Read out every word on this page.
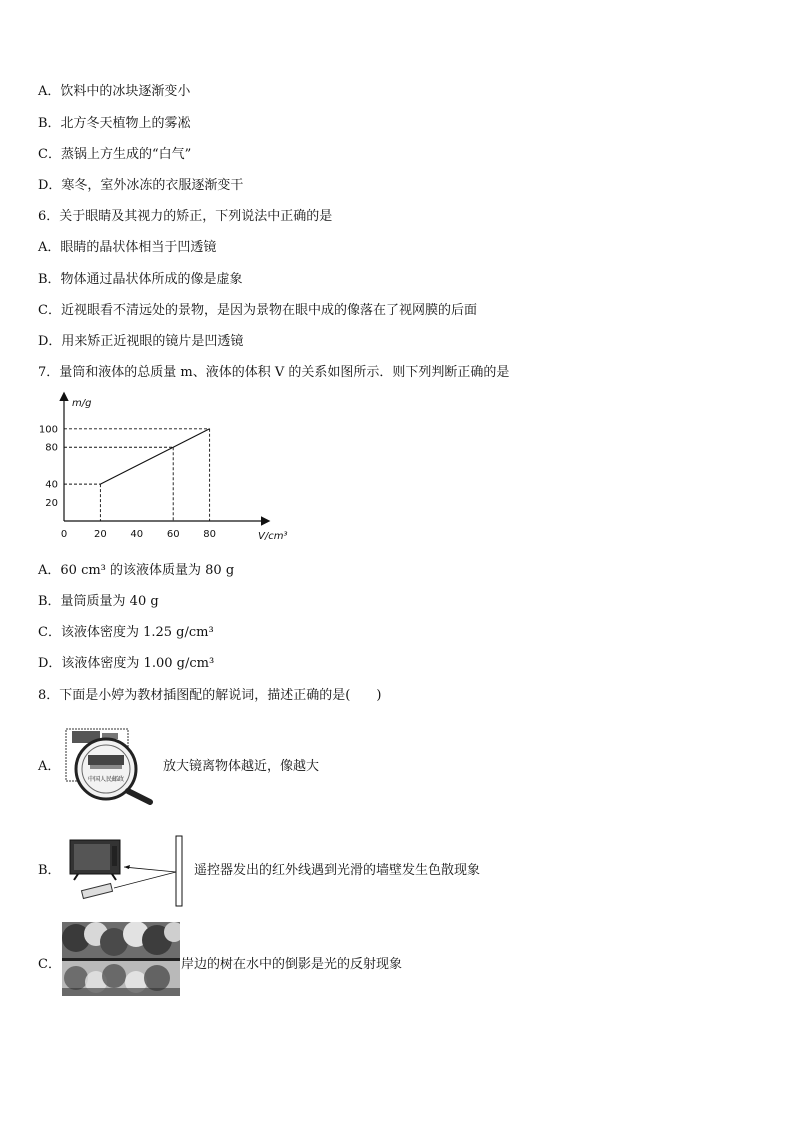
A．饮料中的冰块逐渐变小
B．北方冬天植物上的雾凇
C．蒸锅上方生成的“白气”
D．寒冬，室外冰冻的衣服逐渐变干
6．关于眼睛及其视力的矫正，下列说法中正确的是
A．眼睛的晶状体相当于凹透镜
B．物体通过晶状体所成的像是虚象
C．近视眼看不清远处的景物，是因为景物在眼中成的像落在了视网膜的后面
D．用来矫正近视眼的镜片是凹透镜
7．量筒和液体的总质量 m、液体的体积 V 的关系如图所示．则下列判断正确的是
0	20 40 60 80
20
40
80
100
m/g
V/cm³
A．60 cm³ 的该液体质量为 80 g
B．量筒质量为 40 g
C．该液体密度为 1.25 g/cm³
D．该液体密度为 1.00 g/cm³
8．下面是小婷为教材插图配的解说词，描述正确的是(　　)
A．
中国人民邮政
放大镜离物体越近，像越大
B．	遥控器发出的红外线遇到光滑的墙壁发生色散现象
C．	岸边的树在水中的倒影是光的反射现象
